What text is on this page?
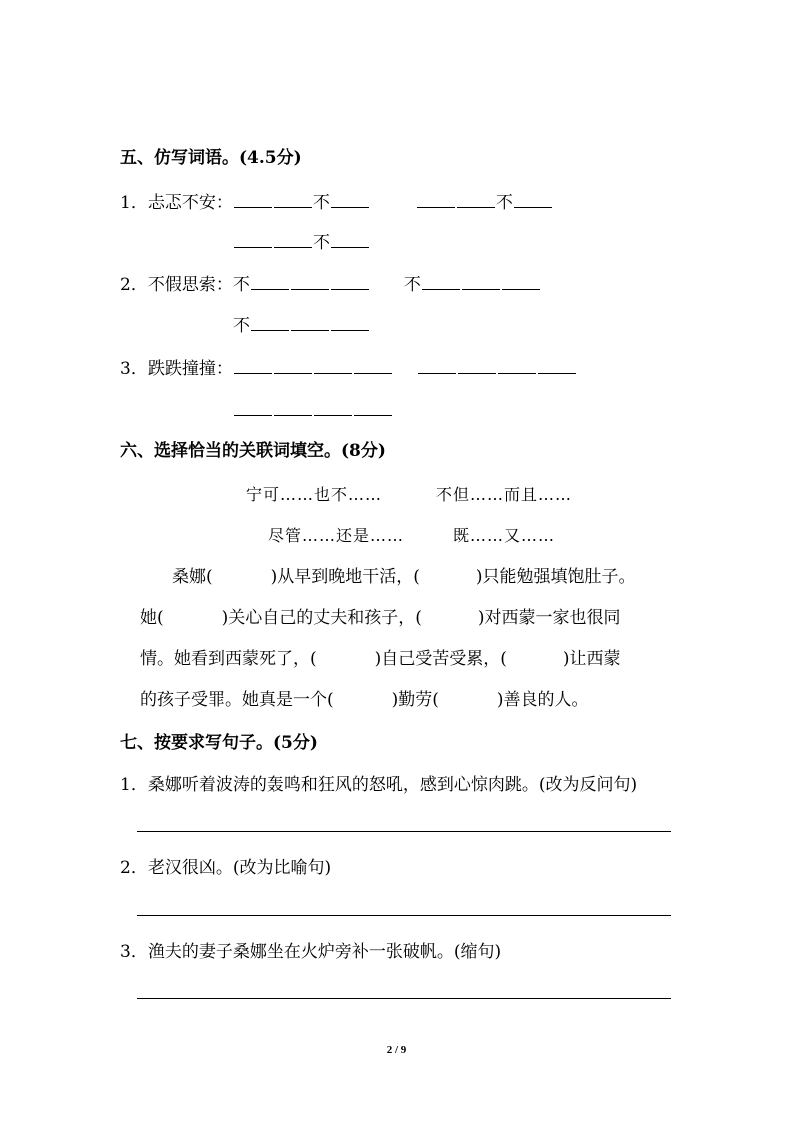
五、仿写词语。(4.5分)
1．忐忑不安：	不	不
不
2．不假思索：不	不
不
3．跌跌撞撞：
六、选择恰当的关联词填空。(8分)
宁可……也不……	不但……而且……
尽管……还是……	既……又……
桑娜(	)从早到晚地干活，(	)只能勉强填饱肚子。
她(	)关心自己的丈夫和孩子，(	)对西蒙一家也很同
情。她看到西蒙死了，(	)自己受苦受累，(	)让西蒙
的孩子受罪。她真是一个(	)勤劳(	)善良的人。
七、按要求写句子。(5分)
1．桑娜听着波涛的轰鸣和狂风的怒吼，感到心惊肉跳。(改为反问句)
2．老汉很凶。(改为比喻句)
3．渔夫的妻子桑娜坐在火炉旁补一张破帆。(缩句)
2 / 9
